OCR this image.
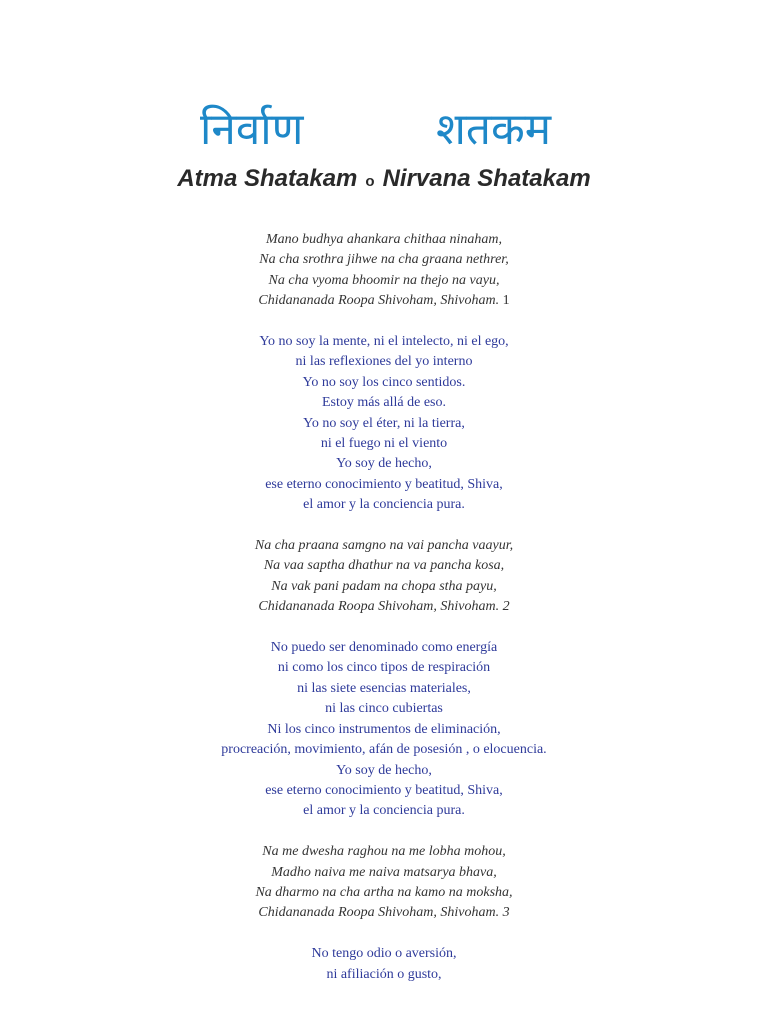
निर्वाण	शतकम
Atma Shatakam o Nirvana Shatakam
Mano budhya ahankara chithaa ninaham,
Na cha srothra jihwe na cha graana nethrer,
Na cha vyoma bhoomir na thejo na vayu,
Chidananada Roopa Shivoham, Shivoham. 1
Yo no soy la mente, ni el intelecto, ni el ego,
ni las reflexiones del yo interno
Yo no soy los cinco sentidos.
Estoy más allá de eso.
Yo no soy el éter, ni la tierra,
ni el fuego ni el viento
Yo soy de hecho,
ese eterno conocimiento y beatitud, Shiva,
el amor y la conciencia pura.
Na cha praana samgno na vai pancha vaayur,
Na vaa saptha dhathur na va pancha kosa,
Na vak pani padam na chopa stha payu,
Chidananada Roopa Shivoham, Shivoham. 2
No puedo ser denominado como energía
ni como los cinco tipos de respiración
ni las siete esencias materiales,
ni las cinco cubiertas
Ni los cinco instrumentos de eliminación,
procreación, movimiento, afán de posesión , o elocuencia.
Yo soy de hecho,
ese eterno conocimiento y beatitud, Shiva,
el amor y la conciencia pura.
Na me dwesha raghou na me lobha mohou,
Madho naiva me naiva matsarya bhava,
Na dharmo na cha artha na kamo na moksha,
Chidananada Roopa Shivoham, Shivoham. 3
No tengo odio o aversión,
ni afiliación o gusto,
